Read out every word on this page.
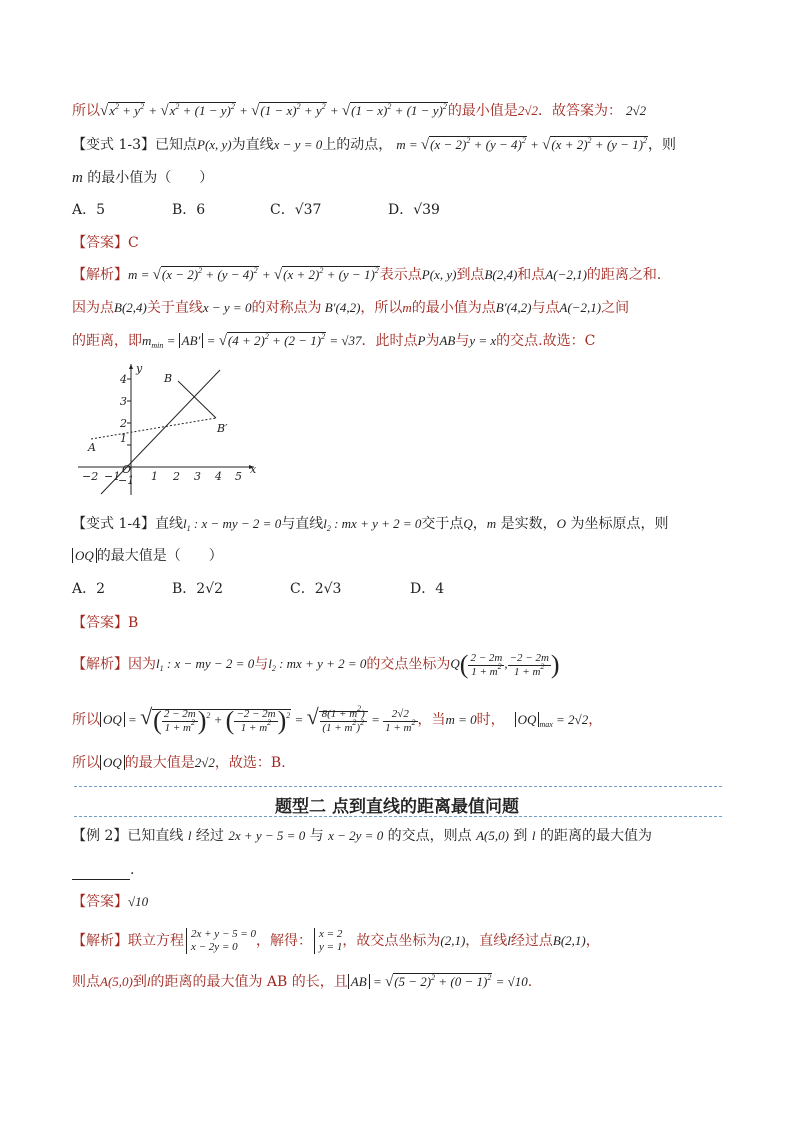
所以$√x^2 + y^2 + √x^2 + (1 - y)^2 + √(1 - x)^2 + y^2 + √(1 - x)^2 + (1 - y)^2$的最小值是2√2．故答案为： 2√2
【变式 1-3】已知点P(x, y)为直线x − y = 0上的动点， $m = √(x - 2)^2 + (y - 4)^2 + √(x + 2)^2 + (y - 1)^2$，则
m 的最小值为（　　）
A．5	B．6	C．√37	D．√39
【答案】C
【解析】$m = √(x - 2)^2 + (y - 4)^2 + √(x + 2)^2 + (y - 1)^2$表示点P(x, y)到点B(2,4)和点A(−2,1)的距离之和．
因为点B(2,4)关于直线x − y = 0的对称点为 B′(4,2)，所以m的最小值为点B′(4,2)与点A(−2,1)之间
的距离，即$m_{min} = AB' = √(4 + 2)^2 + (2 - 1)^2 = √37$．此时点P为AB与y = x的交点.故选：C
−2 −1
O
1 2 3 4 5
x
4
3
2
1
−1
y
B
A
B′
【变式 1-4】直线$l_1$ : x − my − 2 = 0与直线$l_2$ : mx + y + 2 = 0交于点Q，m 是实数，O 为坐标原点，则
OQ 的最大值是（　　）
A．2	B．2√2	C．2√3	D．4
【答案】B
【解析】因为$l_1$ : x − my − 2 = 0与$l_2$ : mx + y + 2 = 0的交点坐标为$Q( \frac{2 - 2m}{1 + m^2}$ , $\frac{-2 - 2m}{1 + m^2}$ )
所以 OQ = √( $\frac{2 - 2m}{1 + m^2} )^2$ + ( $\frac{-2 - 2m}{1 + m^2} )^2$ = √ $\frac{8(1 + m^2)}{(1 + m^2)^2} = \frac{2√2}{1 + m^2}$ ，当m = 0时， OQ $_{max}$ = 2√2，
所以 OQ 的最大值是2√2，故选：B.
题型二 点到直线的距离最值问题
【例 2】已知直线 l 经过 2x + y − 5 = 0 与 x − 2y = 0 的交点，则点 A(5,0) 到 l 的距离的最大值为
.
【答案】√10
【解析】联立方程 2x + y − 5 = 0
x − 2y = 0	，解得： x = 2
y = 1 ，故交点坐标为(2,1)，直线l经过点B(2,1)，
则点A(5,0)到l的距离的最大值为 AB 的长，且 AB = $√(5 - 2)^2 + (0 - 1)^2 = √10$.
